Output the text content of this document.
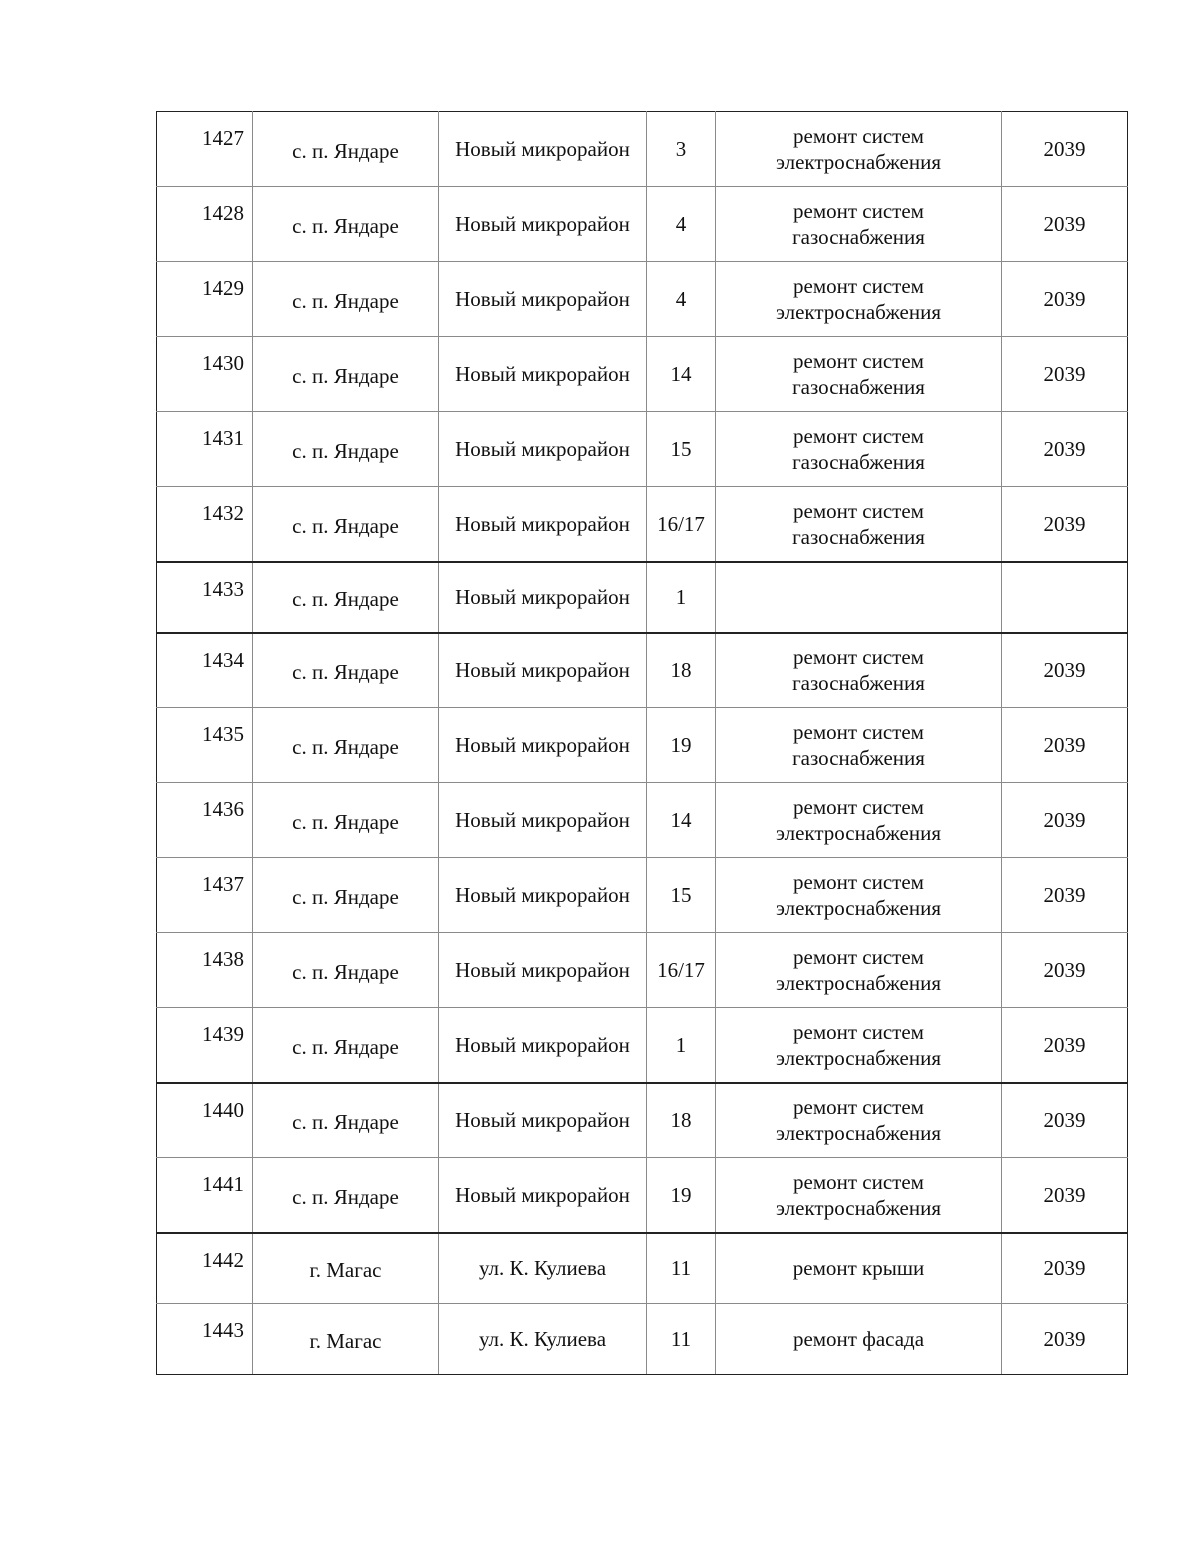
1427	с. п. Яндаре	Новый микрорайон	3	ремонт систем
электроснабжения	2039
1428	с. п. Яндаре	Новый микрорайон	4	ремонт систем
газоснабжения	2039
1429	с. п. Яндаре	Новый микрорайон	4	ремонт систем
электроснабжения	2039
1430	с. п. Яндаре	Новый микрорайон	14	ремонт систем
газоснабжения	2039
1431	с. п. Яндаре	Новый микрорайон	15	ремонт систем
газоснабжения	2039
1432	с. п. Яндаре	Новый микрорайон	16/17	ремонт систем
газоснабжения	2039
1433	с. п. Яндаре	Новый микрорайон	1	

1434	с. п. Яндаре	Новый микрорайон	18	ремонт систем
газоснабжения	2039
1435	с. п. Яндаре	Новый микрорайон	19	ремонт систем
газоснабжения	2039
1436	с. п. Яндаре	Новый микрорайон	14	ремонт систем
электроснабжения	2039
1437	с. п. Яндаре	Новый микрорайон	15	ремонт систем
электроснабжения	2039
1438	с. п. Яндаре	Новый микрорайон	16/17	ремонт систем
электроснабжения	2039
1439	с. п. Яндаре	Новый микрорайон	1	ремонт систем
электроснабжения	2039
1440	с. п. Яндаре	Новый микрорайон	18	ремонт систем
электроснабжения	2039
1441	с. п. Яндаре	Новый микрорайон	19	ремонт систем
электроснабжения	2039
1442	г. Магас	ул. К. Кулиева	11	ремонт крыши	2039
1443	г. Магас	ул. К. Кулиева	11	ремонт фасада	2039
